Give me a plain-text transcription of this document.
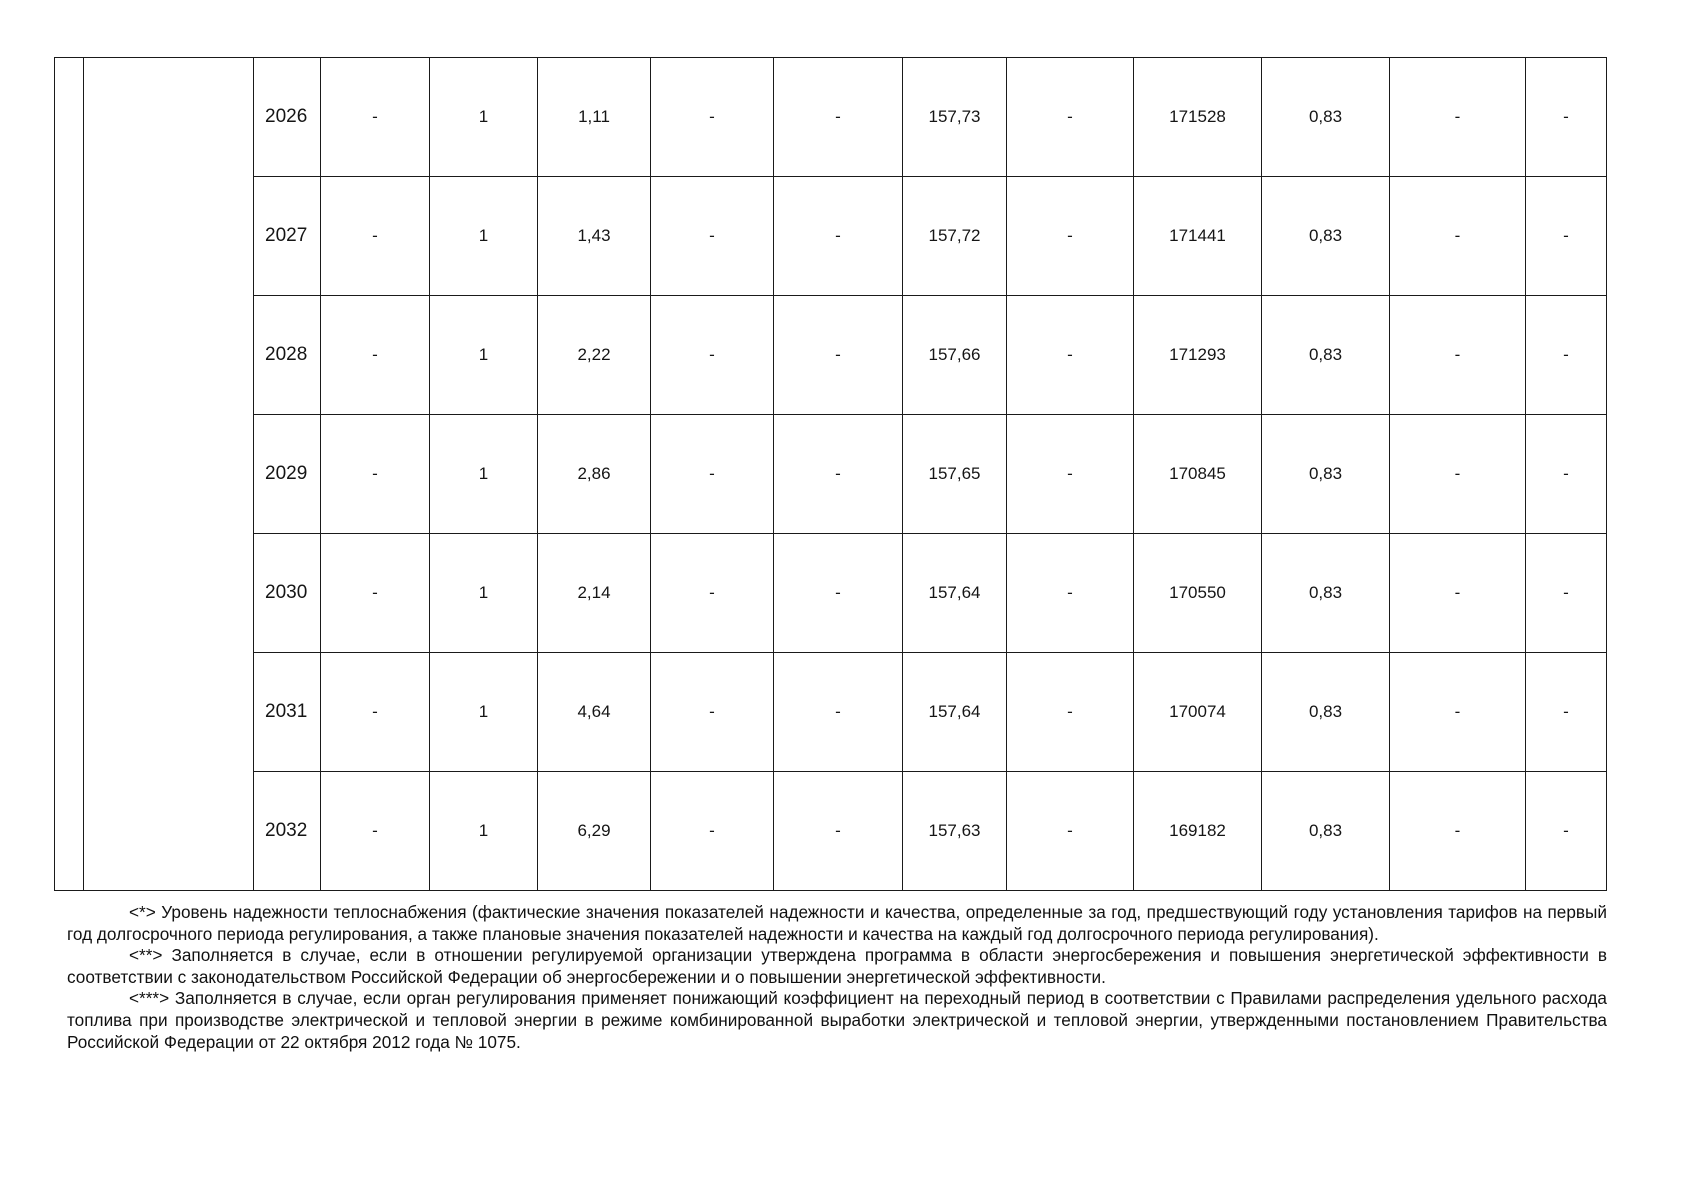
		2026	-	1	1,11	-	-	157,73	-	171528	0,83	-	-
		2027	-	1	1,43	-	-	157,72	-	171441	0,83	-	-
		2028	-	1	2,22	-	-	157,66	-	171293	0,83	-	-
		2029	-	1	2,86	-	-	157,65	-	170845	0,83	-	-
		2030	-	1	2,14	-	-	157,64	-	170550	0,83	-	-
		2031	-	1	4,64	-	-	157,64	-	170074	0,83	-	-
		2032	-	1	6,29	-	-	157,63	-	169182	0,83	-	-

<*> Уровень надежности теплоснабжения (фактические значения показателей надежности и качества, определенные за год, предшествующий году установления тарифов на первый год долгосрочного периода регулирования, а также плановые значения показателей надежности и качества на каждый год долгосрочного периода регулирования).

<**> Заполняется в случае, если в отношении регулируемой организации утверждена программа в области энергосбережения и повышения энергетической эффективности в соответствии с законодательством Российской Федерации об энергосбережении и о повышении энергетической эффективности.

<***> Заполняется в случае, если орган регулирования применяет понижающий коэффициент на переходный период в соответствии с Правилами распределения удельного расхода топлива при производстве электрической и тепловой энергии в режиме комбинированной выработки электрической и тепловой энергии, утвержденными постановлением Правительства Российской Федерации от 22 октября 2012 года № 1075.
